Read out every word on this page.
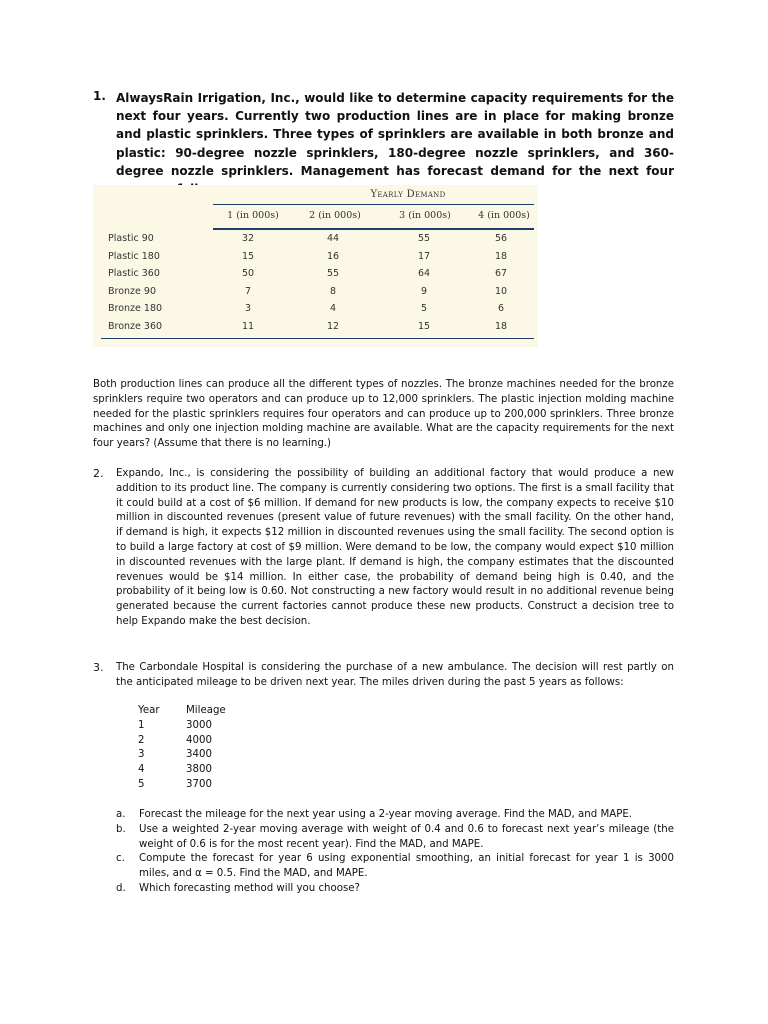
1. AlwaysRain Irrigation, Inc., would like to determine capacity requirements for the next four years. Currently two production lines are in place for making bronze and plastic sprinklers. Three types of sprinklers are available in both bronze and plastic: 90-degree nozzle sprinklers, 180-degree nozzle sprinklers, and 360-degree nozzle sprinklers. Management has forecast demand for the next four
Yearly Demand
1 (in 000s)	2 (in 000s)	3 (in 000s)	4 (in 000s)
Plastic 90	32	44	55	56
Plastic 180	15	16	17	18
Plastic 360	50	55	64	67
Bronze 90	7	8	9	10
Bronze 180	3	4	5	6
Bronze 360	11	12	15	18
Both production lines can produce all the different types of nozzles. The bronze machines needed for the bronze sprinklers require two operators and can produce up to 12,000 sprinklers. The plastic injection molding machine needed for the plastic sprinklers requires four operators and can produce up to 200,000 sprinklers. Three bronze machines and only one injection molding machine are available. What are the capacity requirements for the next four years? (Assume that there is no learning.)
2. Expando, Inc., is considering the possibility of building an additional factory that would produce a new addition to its product line. The company is currently considering two options. The first is a small facility that it could build at a cost of $6 million. If demand for new products is low, the company expects to receive $10 million in discounted revenues (present value of future revenues) with the small facility. On the other hand, if demand is high, it expects $12 million in discounted revenues using the small facility. The second option is to build a large factory at cost of $9 million. Were demand to be low, the company would expect $10 million in discounted revenues with the large plant. If demand is high, the company estimates that the discounted revenues would be $14 million. In either case, the probability of demand being high is 0.40, and the probability of it being low is 0.60. Not constructing a new factory would result in no additional revenue being generated because the current factories cannot produce these new products. Construct a decision tree to help Expando make the best decision.
3. The Carbondale Hospital is considering the purchase of a new ambulance. The decision will rest partly on the anticipated mileage to be driven next year. The miles driven during the past 5 years as follows:
Year	Mileage
1	3000
2	4000
3	3400
4	3800
5	3700
a. Forecast the mileage for the next year using a 2-year moving average. Find the MAD, and MAPE.
b. Use a weighted 2-year moving average with weight of 0.4 and 0.6 to forecast next year’s mileage (the weight of 0.6 is for the most recent year). Find the MAD, and MAPE.
c. Compute the forecast for year 6 using exponential smoothing, an initial forecast for year 1 is 3000 miles, and α = 0.5. Find the MAD, and MAPE.
d. Which forecasting method will you choose?
